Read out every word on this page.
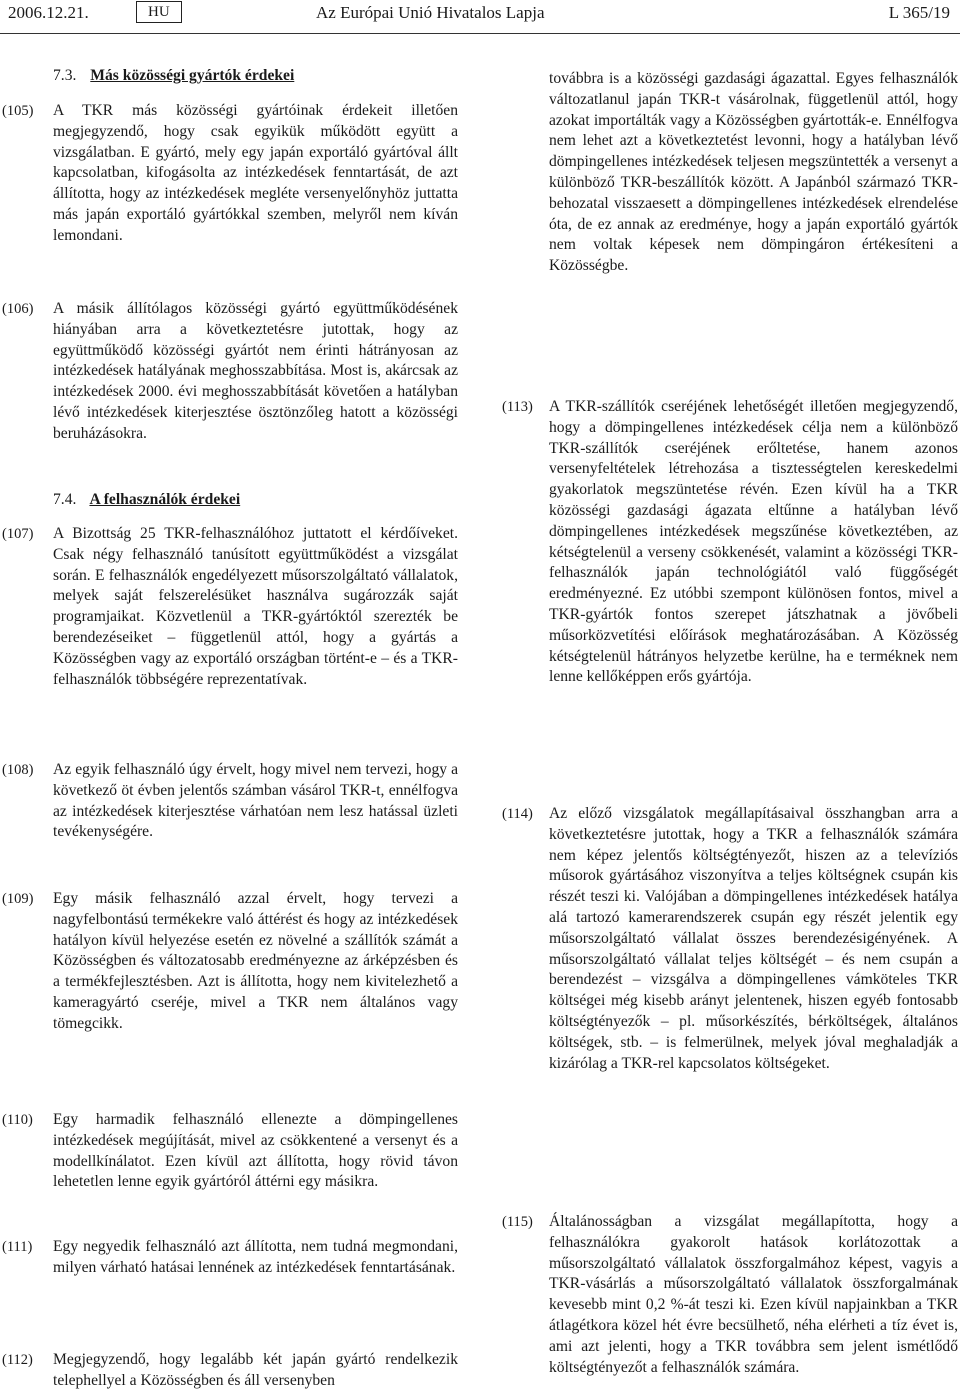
2006.12.21.	HU	Az Európai Unió Hivatalos Lapja	L 365/19
7.3. Más közösségi gyártók érdekei
(105)	A TKR más közösségi gyártóinak érdekeit illetően megjegyzendő, hogy csak egyikük működött együtt a vizsgálatban. E gyártó, mely egy japán exportáló gyártóval állt kapcsolatban, kifogásolta az intézkedések fenntartását, de azt állította, hogy az intézkedések megléte versenyelőnyhöz juttatta más japán exportáló gyártókkal szemben, melyről nem kíván lemondani.
(106)	A másik állítólagos közösségi gyártó együttműködésének hiányában arra a következtetésre jutottak, hogy az együttműködő közösségi gyártót nem érinti hátrányosan az intézkedések hatályának meghosszabbítása. Most is, akárcsak az intézkedések 2000. évi meghosszabbítását követően a hatályban lévő intézkedések kiterjesztése ösztönzőleg hatott a közösségi beruházásokra.
7.4. A felhasználók érdekei
(107)	A Bizottság 25 TKR-felhasználóhoz juttatott el kérdőíveket. Csak négy felhasználó tanúsított együttműködést a vizsgálat során. E felhasználók engedélyezett műsorszolgáltató vállalatok, melyek saját felszerelésüket használva sugározzák saját programjaikat. Közvetlenül a TKR-gyártóktól szerezték be berendezéseiket – függetlenül attól, hogy a gyártás a Közösségben vagy az exportáló országban történt-e – és a TKR-felhasználók többségére reprezentatívak.
(108)	Az egyik felhasználó úgy érvelt, hogy mivel nem tervezi, hogy a következő öt évben jelentős számban vásárol TKR-t, ennélfogva az intézkedések kiterjesztése várhatóan nem lesz hatással üzleti tevékenységére.
(109)	Egy másik felhasználó azzal érvelt, hogy tervezi a nagyfelbontású termékekre való áttérést és hogy az intézkedések hatályon kívül helyezése esetén ez növelné a szállítók számát a Közösségben és változatosabb eredményezne az árképzésben és a termékfejlesztésben. Azt is állította, hogy nem kivitelezhető a kameragyártó cseréje, mivel a TKR nem általános vagy tömegcikk.
(110)	Egy harmadik felhasználó ellenezte a dömpingellenes intézkedések megújítását, mivel az csökkentené a versenyt és a modellkínálatot. Ezen kívül azt állította, hogy rövid távon lehetetlen lenne egyik gyártóról áttérni egy másikra.
(111)	Egy negyedik felhasználó azt állította, nem tudná megmondani, milyen várható hatásai lennének az intézkedések fenntartásának.
(112)	Megjegyzendő, hogy legalább két japán gyártó rendelkezik telephellyel a Közösségben és áll versenyben
továbbra is a közösségi gazdasági ágazattal. Egyes felhasználók változatlanul japán TKR-t vásárolnak, függetlenül attól, hogy azokat importálták vagy a Közösségben gyártották-e. Ennélfogva nem lehet azt a következtetést levonni, hogy a hatályban lévő dömpingellenes intézkedések teljesen megszüntették a versenyt a különböző TKR-beszállítók között. A Japánból származó TKR-behozatal visszaesett a dömpingellenes intézkedések elrendelése óta, de ez annak az eredménye, hogy a japán exportáló gyártók nem voltak képesek nem dömpingáron értékesíteni a Közösségbe.
(113)	A TKR-szállítók cseréjének lehetőségét illetően megjegyzendő, hogy a dömpingellenes intézkedések célja nem a különböző TKR-szállítók cseréjének erőltetése, hanem azonos versenyfeltételek létrehozása a tisztességtelen kereskedelmi gyakorlatok megszüntetése révén. Ezen kívül ha a TKR közösségi gazdasági ágazata eltűnne a hatályban lévő dömpingellenes intézkedések megszűnése következtében, az kétségtelenül a verseny csökkenését, valamint a közösségi TKR-felhasználók japán technológiától való függőségét eredményezné. Ez utóbbi szempont különösen fontos, mivel a TKR-gyártók fontos szerepet játszhatnak a jövőbeli műsorközvetítési előírások meghatározásában. A Közösség kétségtelenül hátrányos helyzetbe kerülne, ha e terméknek nem lenne kellőképpen erős gyártója.
(114)	Az előző vizsgálatok megállapításaival összhangban arra a következtetésre jutottak, hogy a TKR a felhasználók számára nem képez jelentős költségtényezőt, hiszen az a televíziós műsorok gyártásához viszonyítva a teljes költségnek csupán kis részét teszi ki. Valójában a dömpingellenes intézkedések hatálya alá tartozó kamerarendszerek csupán egy részét jelentik egy műsorszolgáltató vállalat összes berendezésigényének. A műsorszolgáltató vállalat teljes költségét – és nem csupán a berendezést – vizsgálva a dömpingellenes vámköteles TKR költségei még kisebb arányt jelentenek, hiszen egyéb fontosabb költségtényezők – pl. műsorkészítés, bérköltségek, általános költségek, stb. – is felmerülnek, melyek jóval meghaladják a kizárólag a TKR-rel kapcsolatos költségeket.
(115)	Általánosságban a vizsgálat megállapította, hogy a felhasználókra gyakorolt hatások korlátozottak a műsorszolgáltató vállalatok összforgalmához képest, vagyis a TKR-vásárlás a műsorszolgáltató vállalatok összforgalmának kevesebb mint 0,2 %-át teszi ki. Ezen kívül napjainkban a TKR átlagétkora közel hét évre becsülhető, néha elérheti a tíz évet is, ami azt jelenti, hogy a TKR továbbra sem jelent ismétlődő költségtényezőt a felhasználók számára.
